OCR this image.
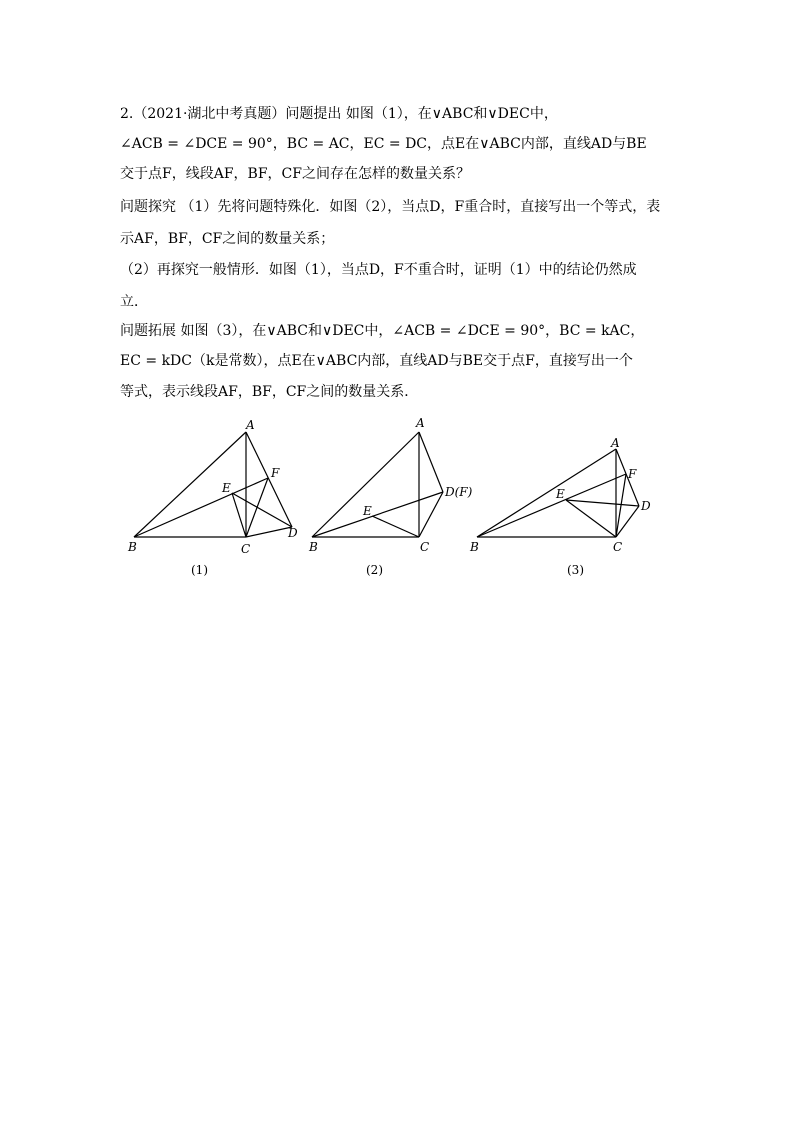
2.（2021·湖北中考真题）问题提出 如图（1），在∨ABC和∨DEC中，
∠ACB = ∠DCE = 90°，BC = AC，EC = DC，点E在∨ABC内部，直线AD与BE
交于点F，线段AF，BF，CF之间存在怎样的数量关系？
问题探究 （1）先将问题特殊化．如图（2），当点D，F重合时，直接写出一个等式，表
示AF，BF，CF之间的数量关系；
（2）再探究一般情形．如图（1），当点D，F不重合时，证明（1）中的结论仍然成
立．
问题拓展 如图（3），在∨ABC和∨DEC中，∠ACB = ∠DCE = 90°，BC = kAC，
EC = kDC（k是常数），点E在∨ABC内部，直线AD与BE交于点F，直接写出一个
等式，表示线段AF，BF，CF之间的数量关系．
A
B	C
D
E
F
(1)
A
B	C
D(F)
E
(2)
A
B	C
D
E
F
(3)
